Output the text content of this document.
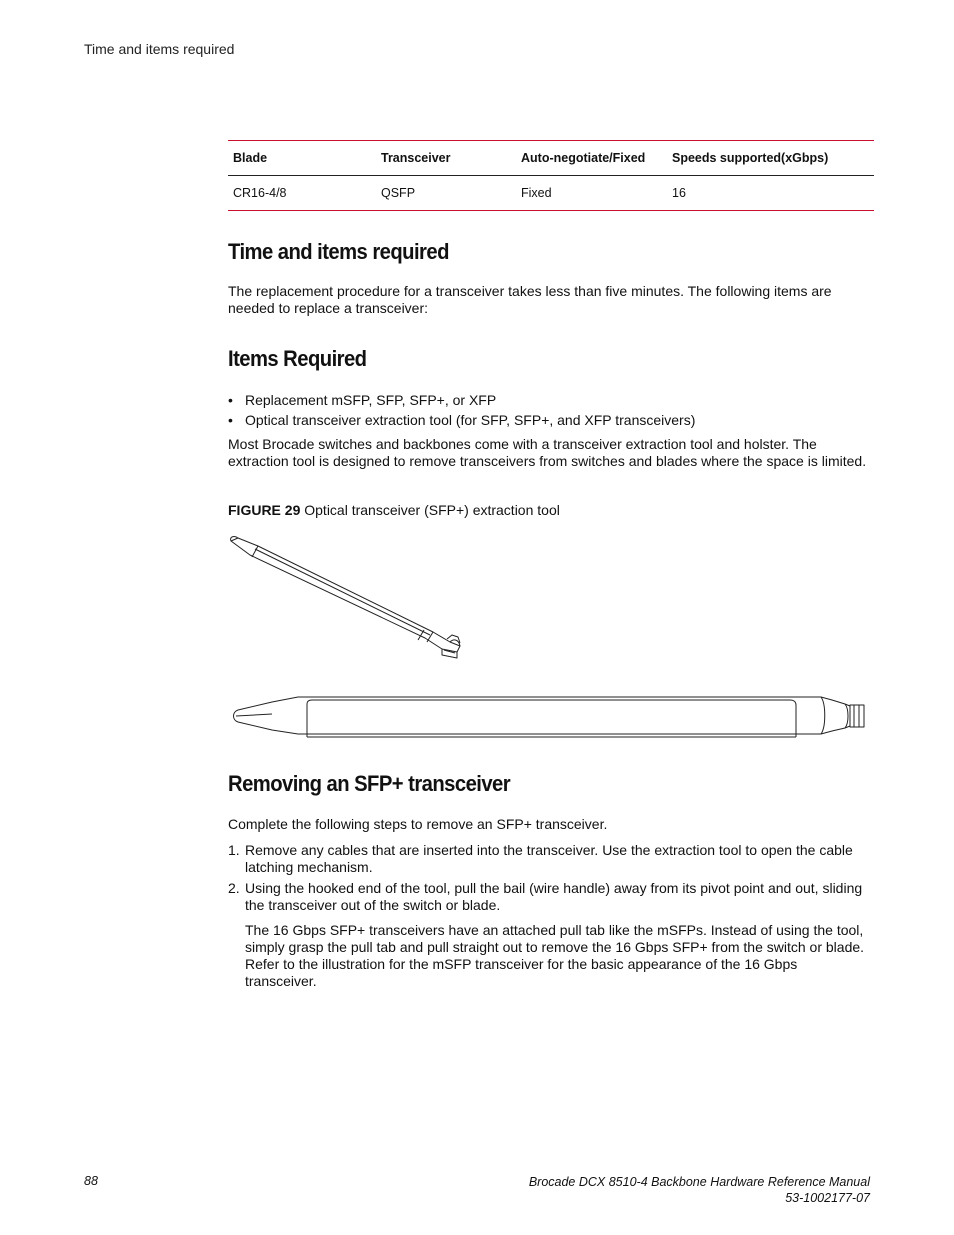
Time and items required
Blade	Transceiver	Auto-negotiate/Fixed	Speeds supported(xGbps)
CR16-4/8	QSFP	Fixed	16
Time and items required

The replacement procedure for a transceiver takes less than five minutes. The following items are needed to replace a transceiver:

Items Required
• Replacement mSFP, SFP, SFP+, or XFP
• Optical transceiver extraction tool (for SFP, SFP+, and XFP transceivers)

Most Brocade switches and backbones come with a transceiver extraction tool and holster. The extraction tool is designed to remove transceivers from switches and blades where the space is limited.

FIGURE 29 Optical transceiver (SFP+) extraction tool
Removing an SFP+ transceiver

Complete the following steps to remove an SFP+ transceiver.

1. Remove any cables that are inserted into the transceiver. Use the extraction tool to open the cable latching mechanism.
2. Using the hooked end of the tool, pull the bail (wire handle) away from its pivot point and out, sliding the transceiver out of the switch or blade.

The 16 Gbps SFP+ transceivers have an attached pull tab like the mSFPs. Instead of using the tool, simply grasp the pull tab and pull straight out to remove the 16 Gbps SFP+ from the switch or blade. Refer to the illustration for the mSFP transceiver for the basic appearance of the 16 Gbps transceiver.

88	Brocade DCX 8510-4 Backbone Hardware Reference Manual
53-1002177-07
